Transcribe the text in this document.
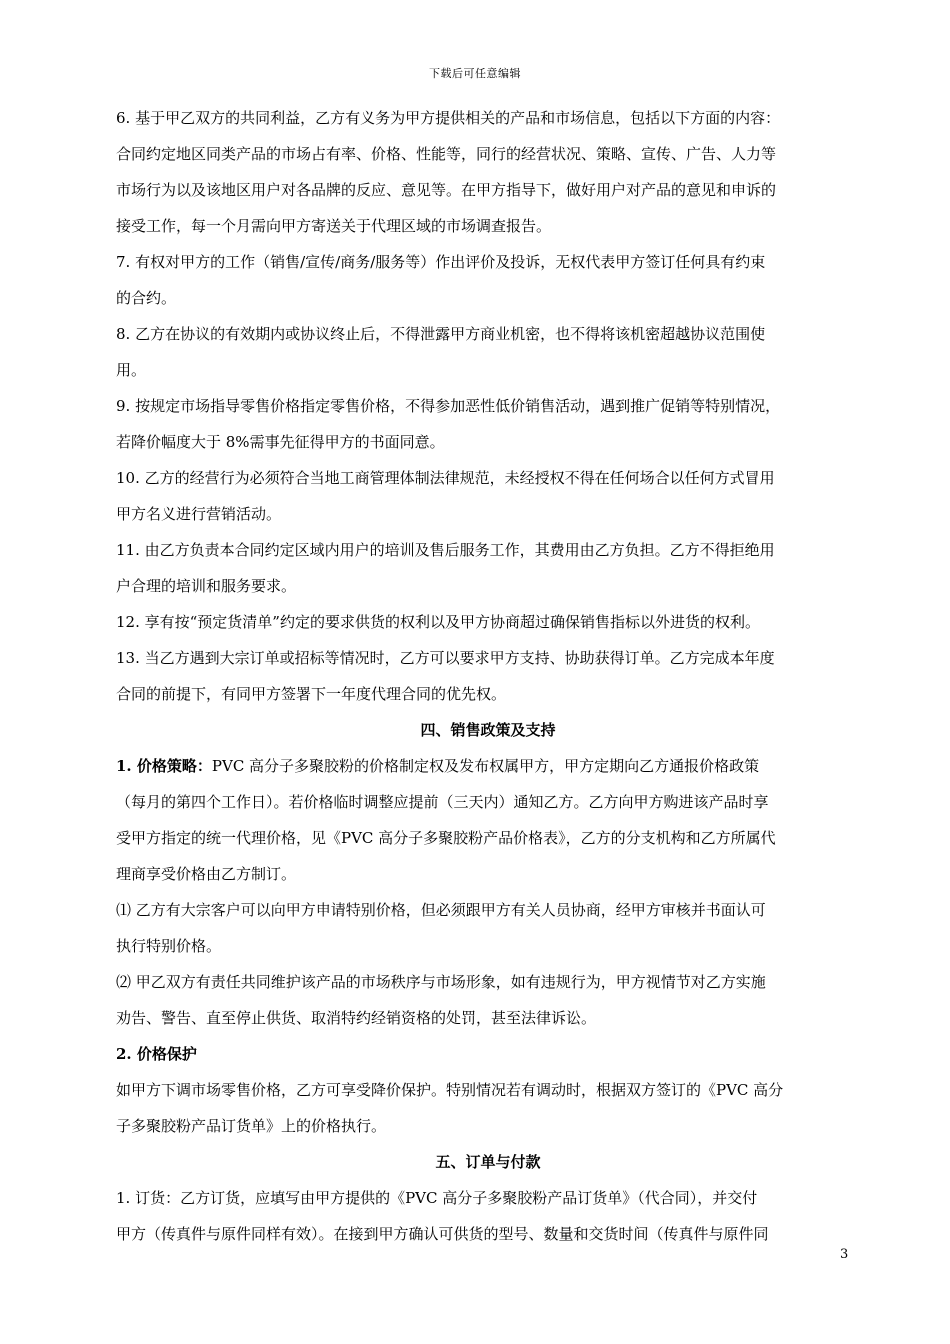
下载后可任意编辑

6. 基于甲乙双方的共同利益，乙方有义务为甲方提供相关的产品和市场信息，包括以下方面的内容：

合同约定地区同类产品的市场占有率、价格、性能等，同行的经营状况、策略、宣传、广告、人力等

市场行为以及该地区用户对各品牌的反应、意见等。在甲方指导下，做好用户对产品的意见和申诉的

接受工作，每一个月需向甲方寄送关于代理区域的市场调查报告。

7. 有权对甲方的工作（销售/宣传/商务/服务等）作出评价及投诉，无权代表甲方签订任何具有约束

的合约。

8. 乙方在协议的有效期内或协议终止后，不得泄露甲方商业机密，也不得将该机密超越协议范围使

用。

9. 按规定市场指导零售价格指定零售价格，不得参加恶性低价销售活动，遇到推广促销等特别情况，

若降价幅度大于 8%需事先征得甲方的书面同意。

10. 乙方的经营行为必须符合当地工商管理体制法律规范，未经授权不得在任何场合以任何方式冒用

甲方名义进行营销活动。

11. 由乙方负责本合同约定区域内用户的培训及售后服务工作，其费用由乙方负担。乙方不得拒绝用

户合理的培训和服务要求。

12. 享有按“预定货清单”约定的要求供货的权利以及甲方协商超过确保销售指标以外进货的权利。

13. 当乙方遇到大宗订单或招标等情况时，乙方可以要求甲方支持、协助获得订单。乙方完成本年度

合同的前提下，有同甲方签署下一年度代理合同的优先权。

四、销售政策及支持

1. 价格策略：PVC 高分子多聚胶粉的价格制定权及发布权属甲方，甲方定期向乙方通报价格政策

（每月的第四个工作日）。若价格临时调整应提前（三天内）通知乙方。乙方向甲方购进该产品时享

受甲方指定的统一代理价格，见《PVC 高分子多聚胶粉产品价格表》，乙方的分支机构和乙方所属代

理商享受价格由乙方制订。

⑴ 乙方有大宗客户可以向甲方申请特别价格，但必须跟甲方有关人员协商，经甲方审核并书面认可

执行特别价格。

⑵ 甲乙双方有责任共同维护该产品的市场秩序与市场形象，如有违规行为，甲方视情节对乙方实施

劝告、警告、直至停止供货、取消特约经销资格的处罚，甚至法律诉讼。

2. 价格保护

如甲方下调市场零售价格，乙方可享受降价保护。特别情况若有调动时，根据双方签订的《PVC 高分

子多聚胶粉产品订货单》上的价格执行。

五、订单与付款

1. 订货：乙方订货，应填写由甲方提供的《PVC 高分子多聚胶粉产品订货单》（代合同），并交付

甲方（传真件与原件同样有效）。在接到甲方确认可供货的型号、数量和交货时间（传真件与原件同

3
